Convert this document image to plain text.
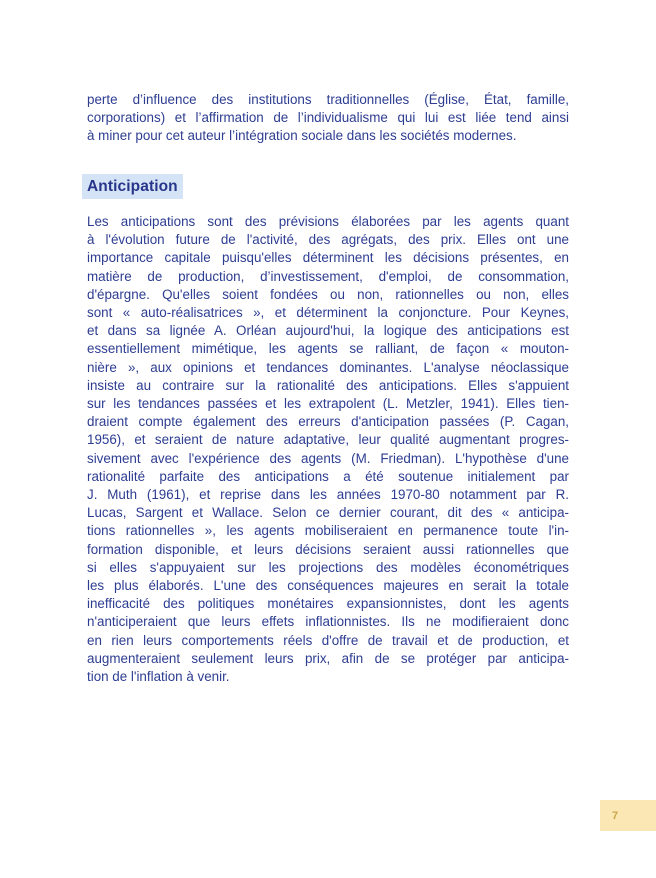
perte d’influence des institutions traditionnelles (Église, État, famille,
corporations) et l’affirmation de l’individualisme qui lui est liée tend ainsi
à miner pour cet auteur l’intégration sociale dans les sociétés modernes.
Anticipation
Les anticipations sont des prévisions élaborées par les agents quant
à l'évolution future de l'activité, des agrégats, des prix. Elles ont une
importance capitale puisqu'elles déterminent les décisions présentes, en
matière de production, d’investissement, d'emploi, de consommation,
d'épargne. Qu'elles soient fondées ou non, rationnelles ou non, elles
sont « auto-réalisatrices », et déterminent la conjoncture. Pour Keynes,
et dans sa lignée A. Orléan aujourd'hui, la logique des anticipations est
essentiellement mimétique, les agents se ralliant, de façon « mouton-
nière », aux opinions et tendances dominantes. L'analyse néoclassique
insiste au contraire sur la rationalité des anticipations. Elles s'appuient
sur les tendances passées et les extrapolent (L. Metzler, 1941). Elles tien-
draient compte également des erreurs d'anticipation passées (P. Cagan,
1956), et seraient de nature adaptative, leur qualité augmentant progres-
sivement avec l'expérience des agents (M. Friedman). L'hypothèse d'une
rationalité parfaite des anticipations a été soutenue initialement par
J. Muth (1961), et reprise dans les années 1970-80 notamment par R.
Lucas, Sargent et Wallace. Selon ce dernier courant, dit des « anticipa-
tions rationnelles », les agents mobiliseraient en permanence toute l'in-
formation disponible, et leurs décisions seraient aussi rationnelles que
si elles s'appuyaient sur les projections des modèles économétriques
les plus élaborés. L'une des conséquences majeures en serait la totale
inefficacité des politiques monétaires expansionnistes, dont les agents
n'anticiperaient que leurs effets inflationnistes. Ils ne modifieraient donc
en rien leurs comportements réels d'offre de travail et de production, et
augmenteraient seulement leurs prix, afin de se protéger par anticipa-
tion de l'inflation à venir.
7
